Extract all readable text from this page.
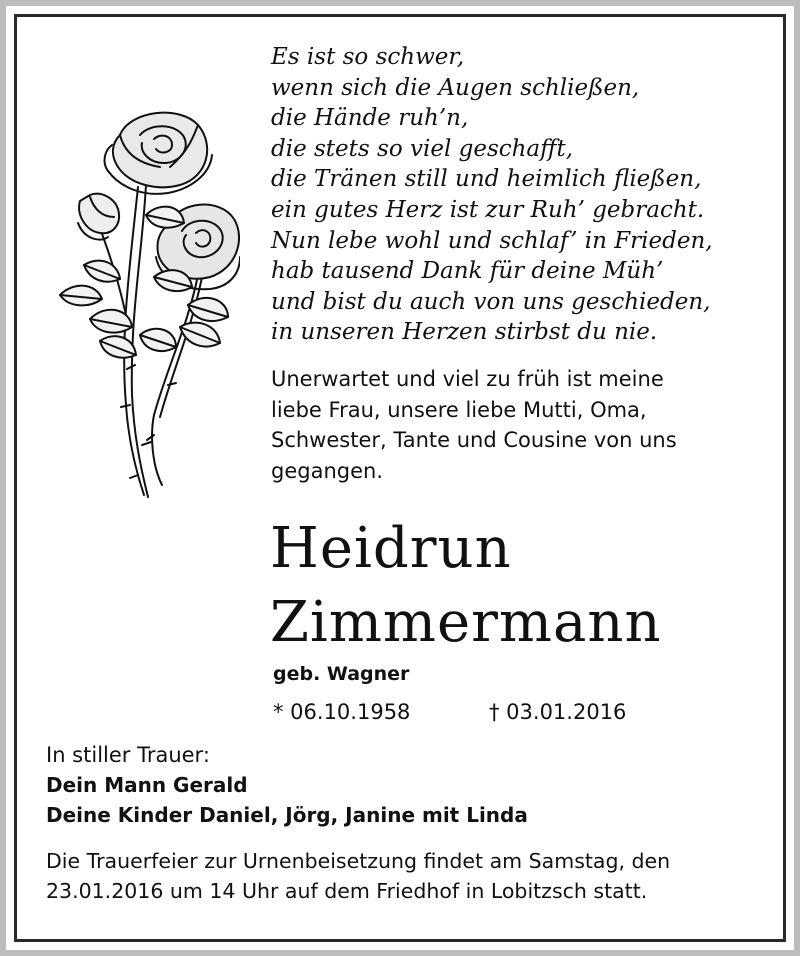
Es ist so schwer,
wenn sich die Augen schließen,
die Hände ruh’n,
die stets so viel geschafft,
die Tränen still und heimlich fließen,
ein gutes Herz ist zur Ruh’ gebracht.
Nun lebe wohl und schlaf’ in Frieden,
hab tausend Dank für deine Müh’
und bist du auch von uns geschieden,
in unseren Herzen stirbst du nie.
Unerwartet und viel zu früh ist meine
liebe Frau, unsere liebe Mutti, Oma,
Schwester, Tante und Cousine von uns
gegangen.
Heidrun
Zimmermann
geb. Wagner
* 06.10.1958	† 03.01.2016
In stiller Trauer:
Dein Mann Gerald
Deine Kinder Daniel, Jörg, Janine mit Linda
Die Trauerfeier zur Urnenbeisetzung findet am Samstag, den
23.01.2016 um 14 Uhr auf dem Friedhof in Lobitzsch statt.
